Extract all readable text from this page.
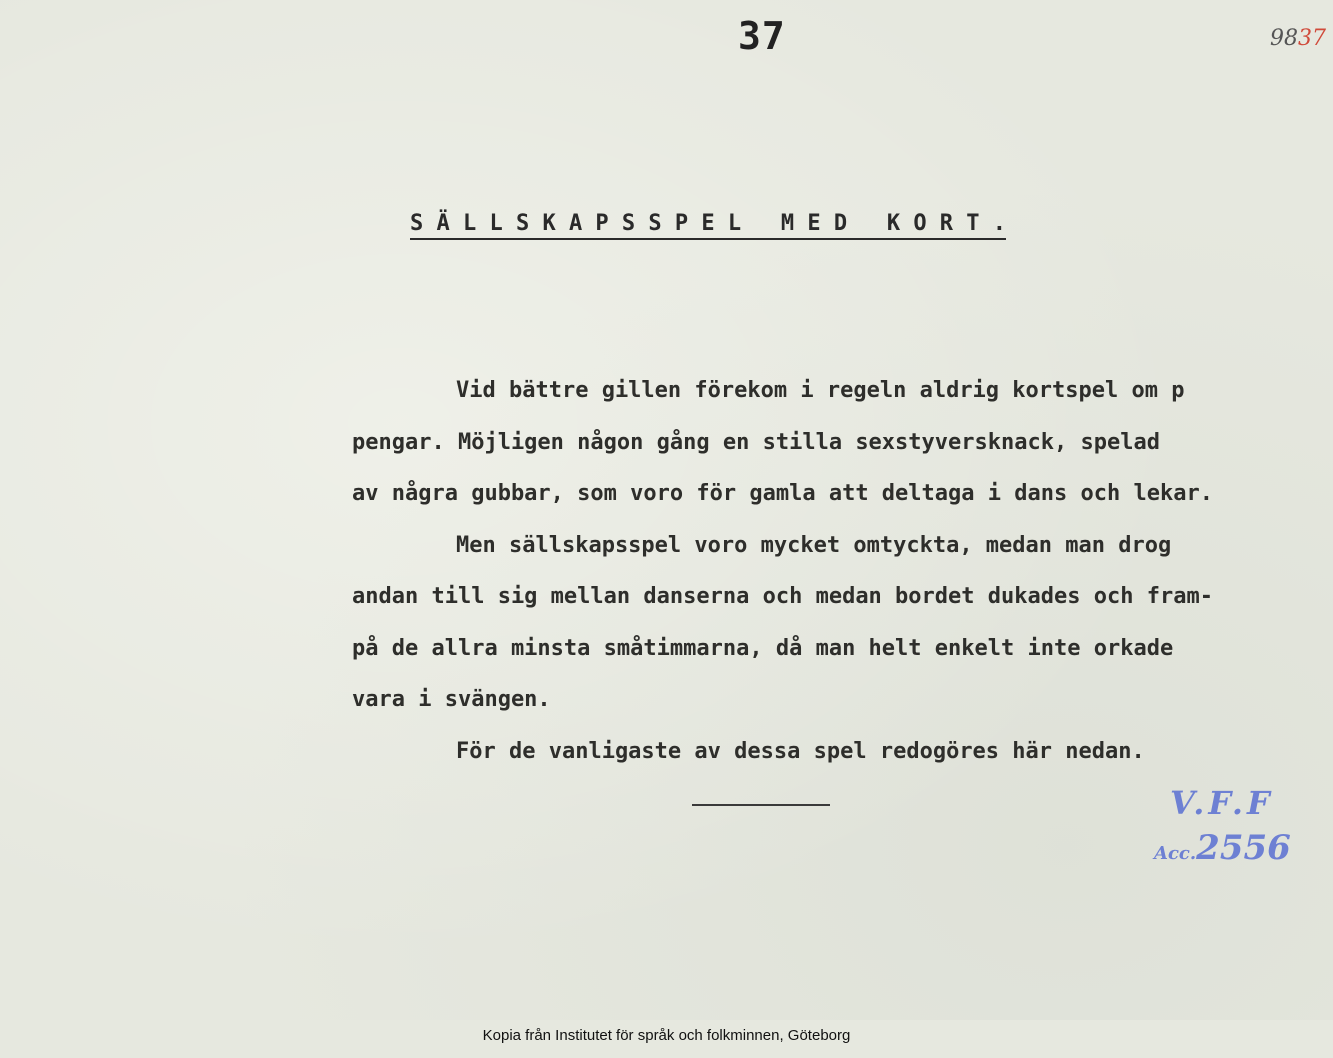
37	9837
S Ä L L S K A P S S P E L   M E D   K O R T .
Vid bättre gillen förekom i regeln aldrig kortspel om p
pengar. Möjligen någon gång en stilla sexstyversknack, spelad
av några gubbar, som voro för gamla att deltaga i dans och lekar.
Men sällskapsspel voro mycket omtyckta, medan man drog
andan till sig mellan danserna och medan bordet dukades och fram-
på de allra minsta småtimmarna, då man helt enkelt inte orkade
vara i svängen.
För de vanligaste av dessa spel redogöres här nedan.
V.F.F
Acc.2556
Kopia från Institutet för språk och folkminnen, Göteborg
